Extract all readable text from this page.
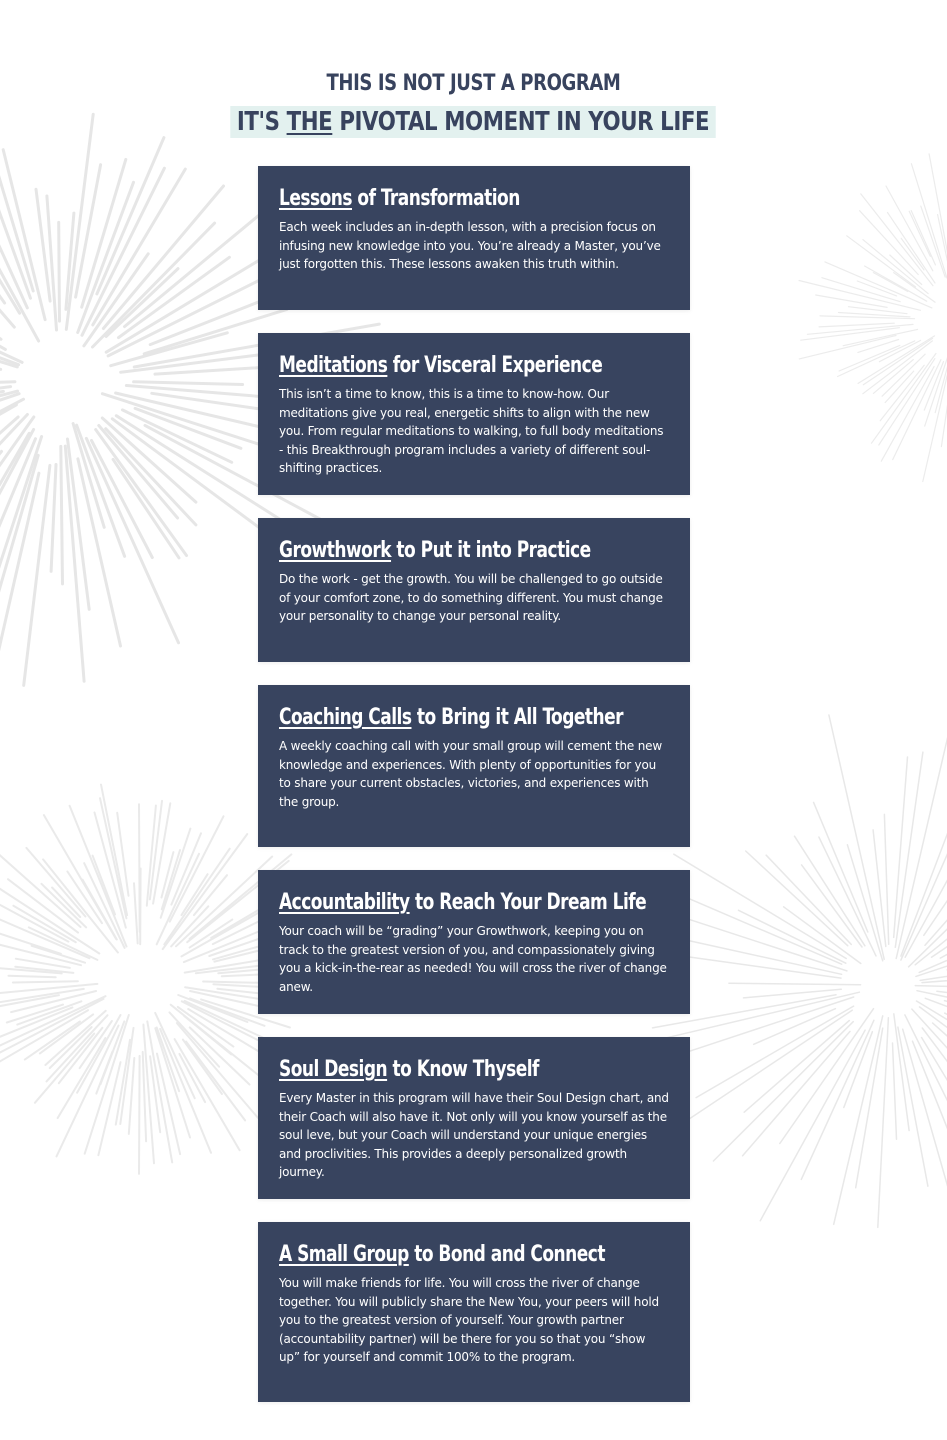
THIS IS NOT JUST A PROGRAM
IT'S THE PIVOTAL MOMENT IN YOUR LIFE
Lessons of Transformation

Each week includes an in-depth lesson, with a precision focus on infusing new knowledge into you. You’re already a Master, you’ve just forgotten this. These lessons awaken this truth within.

Meditations for Visceral Experience

This isn’t a time to know, this is a time to know-how. Our meditations give you real, energetic shifts to align with the new you. From regular meditations to walking, to full body meditations - this Breakthrough program includes a variety of different soul-shifting practices.

Growthwork to Put it into Practice

Do the work - get the growth. You will be challenged to go outside of your comfort zone, to do something different. You must change your personality to change your personal reality.

Coaching Calls to Bring it All Together

A weekly coaching call with your small group will cement the new knowledge and experiences. With plenty of opportunities for you to share your current obstacles, victories, and experiences with the group.

Accountability to Reach Your Dream Life

Your coach will be “grading” your Growthwork, keeping you on track to the greatest version of you, and compassionately giving you a kick-in-the-rear as needed! You will cross the river of change anew.

Soul Design to Know Thyself

Every Master in this program will have their Soul Design chart, and their Coach will also have it. Not only will you know yourself as the soul leve, but your Coach will understand your unique energies and proclivities. This provides a deeply personalized growth journey.

A Small Group to Bond and Connect

You will make friends for life. You will cross the river of change together. You will publicly share the New You, your peers will hold you to the greatest version of yourself. Your growth partner (accountability partner) will be there for you so that you “show up” for yourself and commit 100% to the program.
